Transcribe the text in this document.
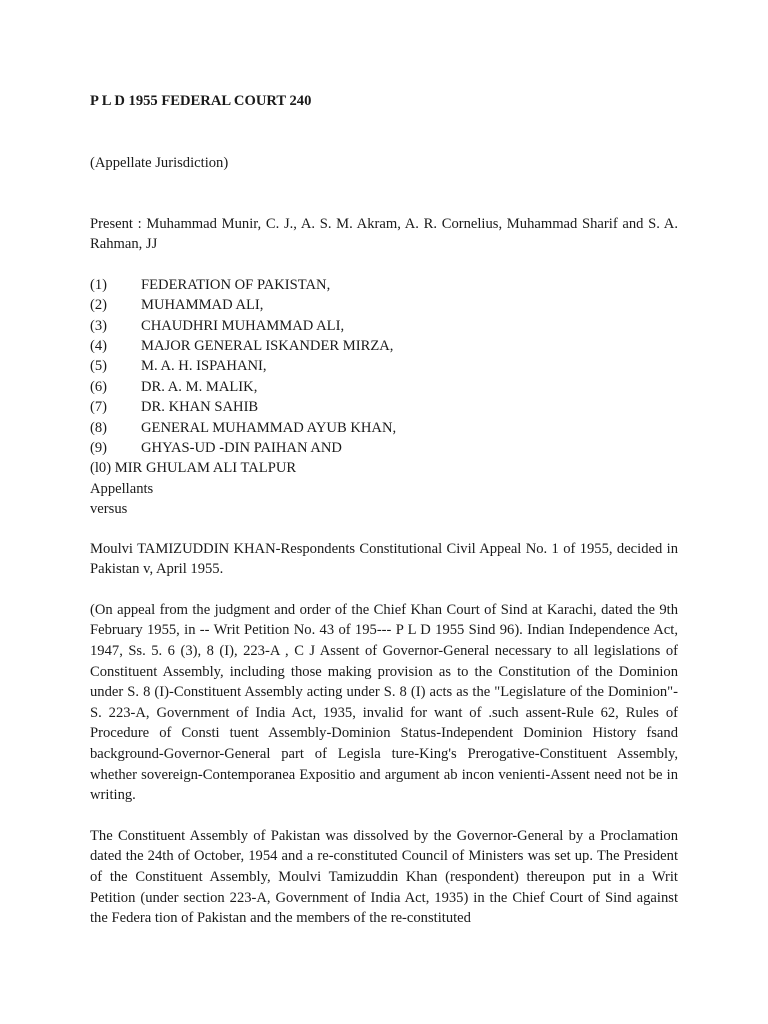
P L D 1955 FEDERAL COURT 240

(Appellate Jurisdiction)

Present : Muhammad Munir, C. J., A. S. M. Akram, A. R. Cornelius, Muhammad Sharif and S. A. Rahman, JJ

(1)	FEDERATION OF PAKISTAN,
(2)	MUHAMMAD ALI,
(3)	CHAUDHRI MUHAMMAD ALI,
(4)	MAJOR GENERAL ISKANDER MIRZA,
(5)	M. A. H. ISPAHANI,
(6)	DR. A. M. MALIK,
(7)	DR. KHAN SAHIB
(8)	GENERAL MUHAMMAD AYUB KHAN,
(9)	GHYAS-UD -DIN PAIHAN AND

(l0) MIR GHULAM ALI TALPUR

Appellants

versus

Moulvi TAMIZUDDIN KHAN-Respondents Constitutional Civil Appeal No. 1 of 1955, decided in Pakistan v, April 1955.

(On appeal from the judgment and order of the Chief Khan Court of Sind at Karachi, dated the 9th February 1955, in -- Writ Petition No. 43 of 195--- P L D 1955 Sind 96). Indian Independence Act, 1947, Ss. 5. 6 (3), 8 (I), 223-A , C J Assent of Governor-General necessary to all legislations of Constituent Assembly, including those making provision as to the Constitution of the Dominion under S. 8 (I)-Constituent Assembly acting under S. 8 (I) acts as the "Legislature of the Dominion"-S. 223-A, Government of India Act, 1935, invalid for want of .such assent-Rule 62, Rules of Procedure of Consti tuent Assembly-Dominion Status-Independent Dominion History fsand background-Governor-General part of Legisla ture-King's Prerogative-Constituent Assembly, whether sovereign-Contemporanea Expositio and argument ab incon venienti-Assent need not be in writing.

The Constituent Assembly of Pakistan was dissolved by the Governor-General by a Proclamation dated the 24th of October, 1954 and a re-constituted Council of Ministers was set up. The President of the Constituent Assembly, Moulvi Tamizuddin Khan (respondent) thereupon put in a Writ Petition (under section 223-A, Government of India Act, 1935) in the Chief Court of Sind against the Federa tion of Pakistan and the members of the re-constituted
